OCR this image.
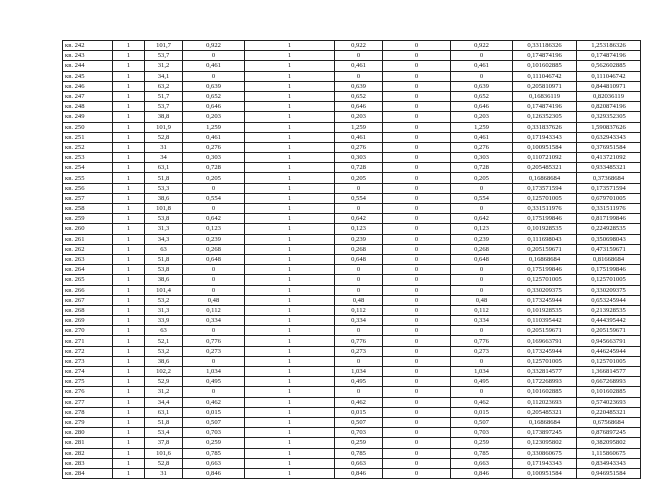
кв. 242	1	101,7	0,922	1	0,922	0	0,922	0,331186326	1,253186326
кв. 243	1	53,7	0	1	0	0	0	0,174874196	0,174874196
кв. 244	1	31,2	0,461	1	0,461	0	0,461	0,101602885	0,562602885
кв. 245	1	34,1	0	1	0	0	0	0,111046742	0,111046742
кв. 246	1	63,2	0,639	1	0,639	0	0,639	0,205810971	0,844810971
кв. 247	1	51,7	0,652	1	0,652	0	0,652	0,16836119	0,82036119
кв. 248	1	53,7	0,646	1	0,646	0	0,646	0,174874196	0,820874196
кв. 249	1	38,8	0,203	1	0,203	0	0,203	0,126352305	0,329352305
кв. 250	1	101,9	1,259	1	1,259	0	1,259	0,331837626	1,590837626
кв. 251	1	52,8	0,461	1	0,461	0	0,461	0,171943343	0,632943343
кв. 252	1	31	0,276	1	0,276	0	0,276	0,100951584	0,376951584
кв. 253	1	34	0,303	1	0,303	0	0,303	0,110721092	0,413721092
кв. 254	1	63,1	0,728	1	0,728	0	0,728	0,205485321	0,933485321
кв. 255	1	51,8	0,205	1	0,205	0	0,205	0,16868684	0,37368684
кв. 256	1	53,3	0	1	0	0	0	0,173571594	0,173571594
кв. 257	1	38,6	0,554	1	0,554	0	0,554	0,125701005	0,679701005
кв. 258	1	101,8	0	1	0	0	0	0,331511976	0,331511976
кв. 259	1	53,8	0,642	1	0,642	0	0,642	0,175199846	0,817199846
кв. 260	1	31,3	0,123	1	0,123	0	0,123	0,101928535	0,224928535
кв. 261	1	34,3	0,239	1	0,239	0	0,239	0,111698043	0,350698043
кв. 262	1	63	0,268	1	0,268	0	0,268	0,205159671	0,473159671
кв. 263	1	51,8	0,648	1	0,648	0	0,648	0,16868684	0,81668684
кв. 264	1	53,8	0	1	0	0	0	0,175199846	0,175199846
кв. 265	1	38,6	0	1	0	0	0	0,125701005	0,125701005
кв. 266	1	101,4	0	1	0	0	0	0,330209375	0,330209375
кв. 267	1	53,2	0,48	1	0,48	0	0,48	0,173245944	0,653245944
кв. 268	1	31,3	0,112	1	0,112	0	0,112	0,101928535	0,213928535
кв. 269	1	33,9	0,334	1	0,334	0	0,334	0,110395442	0,444395442
кв. 270	1	63	0	1	0	0	0	0,205159671	0,205159671
кв. 271	1	52,1	0,776	1	0,776	0	0,776	0,169663791	0,945663791
кв. 272	1	53,2	0,273	1	0,273	0	0,273	0,173245944	0,446245944
кв. 273	1	38,6	0	1	0	0	0	0,125701005	0,125701005
кв. 274	1	102,2	1,034	1	1,034	0	1,034	0,332814577	1,366814577
кв. 275	1	52,9	0,495	1	0,495	0	0,495	0,172268993	0,667268993
кв. 276	1	31,2	0	1	0	0	0	0,101602885	0,101602885
кв. 277	1	34,4	0,462	1	0,462	0	0,462	0,112023693	0,574023693
кв. 278	1	63,1	0,015	1	0,015	0	0,015	0,205485321	0,220485321
кв. 279	1	51,8	0,507	1	0,507	0	0,507	0,16868684	0,67568684
кв. 280	1	53,4	0,703	1	0,703	0	0,703	0,173897245	0,876897245
кв. 281	1	37,8	0,259	1	0,259	0	0,259	0,123095802	0,382095802
кв. 282	1	101,6	0,785	1	0,785	0	0,785	0,330860675	1,115860675
кв. 283	1	52,8	0,663	1	0,663	0	0,663	0,171943343	0,834943343
кв. 284	1	31	0,846	1	0,846	0	0,846	0,100951584	0,946951584
